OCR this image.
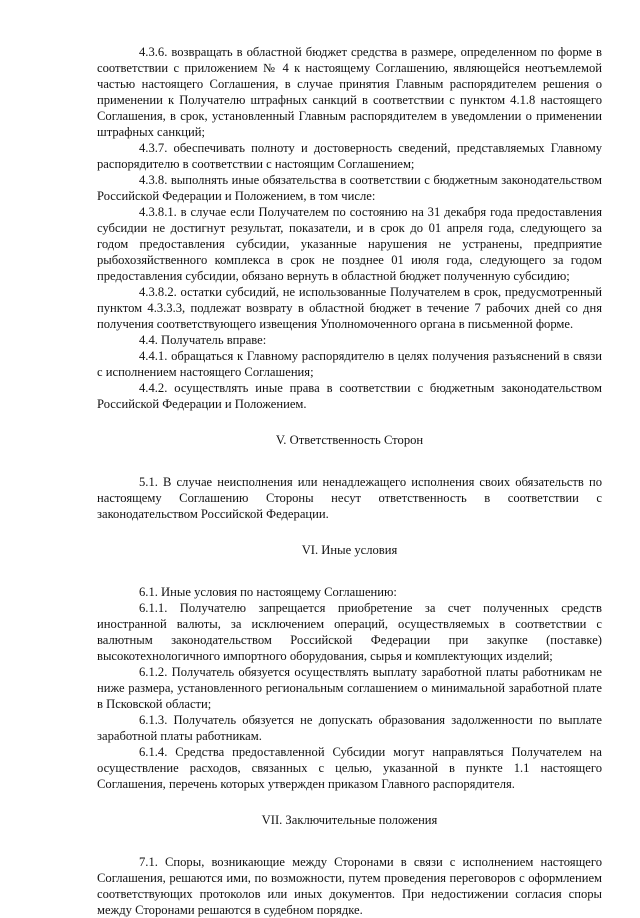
4.3.6. возвращать в областной бюджет средства в размере, определенном по форме в соответствии с приложением № 4 к настоящему Соглашению, являющейся неотъемлемой частью настоящего Соглашения, в случае принятия Главным распорядителем решения о применении к Получателю штрафных санкций в соответствии с пунктом 4.1.8 настоящего Соглашения, в срок, установленный Главным распорядителем в уведомлении о применении штрафных санкций;

4.3.7. обеспечивать полноту и достоверность сведений, представляемых Главному распорядителю в соответствии с настоящим Соглашением;

4.3.8. выполнять иные обязательства в соответствии с бюджетным законодательством Российской Федерации и Положением, в том числе:

4.3.8.1. в случае если Получателем по состоянию на 31 декабря года предоставления субсидии не достигнут результат, показатели, и в срок до 01 апреля года, следующего за годом предоставления субсидии, указанные нарушения не устранены, предприятие рыбохозяйственного комплекса в срок не позднее 01 июля года, следующего за годом предоставления субсидии, обязано вернуть в областной бюджет полученную субсидию;

4.3.8.2. остатки субсидий, не использованные Получателем в срок, предусмотренный пунктом 4.3.3.3, подлежат возврату в областной бюджет в течение 7 рабочих дней со дня получения соответствующего извещения Уполномоченного органа в письменной форме.

4.4. Получатель вправе:

4.4.1. обращаться к Главному распорядителю в целях получения разъяснений в связи с исполнением настоящего Соглашения;

4.4.2. осуществлять иные права в соответствии с бюджетным законодательством Российской Федерации и Положением.

V. Ответственность Сторон

5.1. В случае неисполнения или ненадлежащего исполнения своих обязательств по настоящему Соглашению Стороны несут ответственность в соответствии с законодательством Российской Федерации.

VI. Иные условия

6.1. Иные условия по настоящему Соглашению:

6.1.1. Получателю запрещается приобретение за счет полученных средств иностранной валюты, за исключением операций, осуществляемых в соответствии с валютным законодательством Российской Федерации при закупке (поставке) высокотехнологичного импортного оборудования, сырья и комплектующих изделий;

6.1.2. Получатель обязуется осуществлять выплату заработной платы работникам не ниже размера, установленного региональным соглашением о минимальной заработной плате в Псковской области;

6.1.3. Получатель обязуется не допускать образования задолженности по выплате заработной платы работникам.

6.1.4. Средства предоставленной Субсидии могут направляться Получателем на осуществление расходов, связанных с целью, указанной в пункте 1.1 настоящего Соглашения, перечень которых утвержден приказом Главного распорядителя.

VII. Заключительные положения

7.1. Споры, возникающие между Сторонами в связи с исполнением настоящего Соглашения, решаются ими, по возможности, путем проведения переговоров с оформлением соответствующих протоколов или иных документов. При недостижении согласия споры между Сторонами решаются в судебном порядке.
